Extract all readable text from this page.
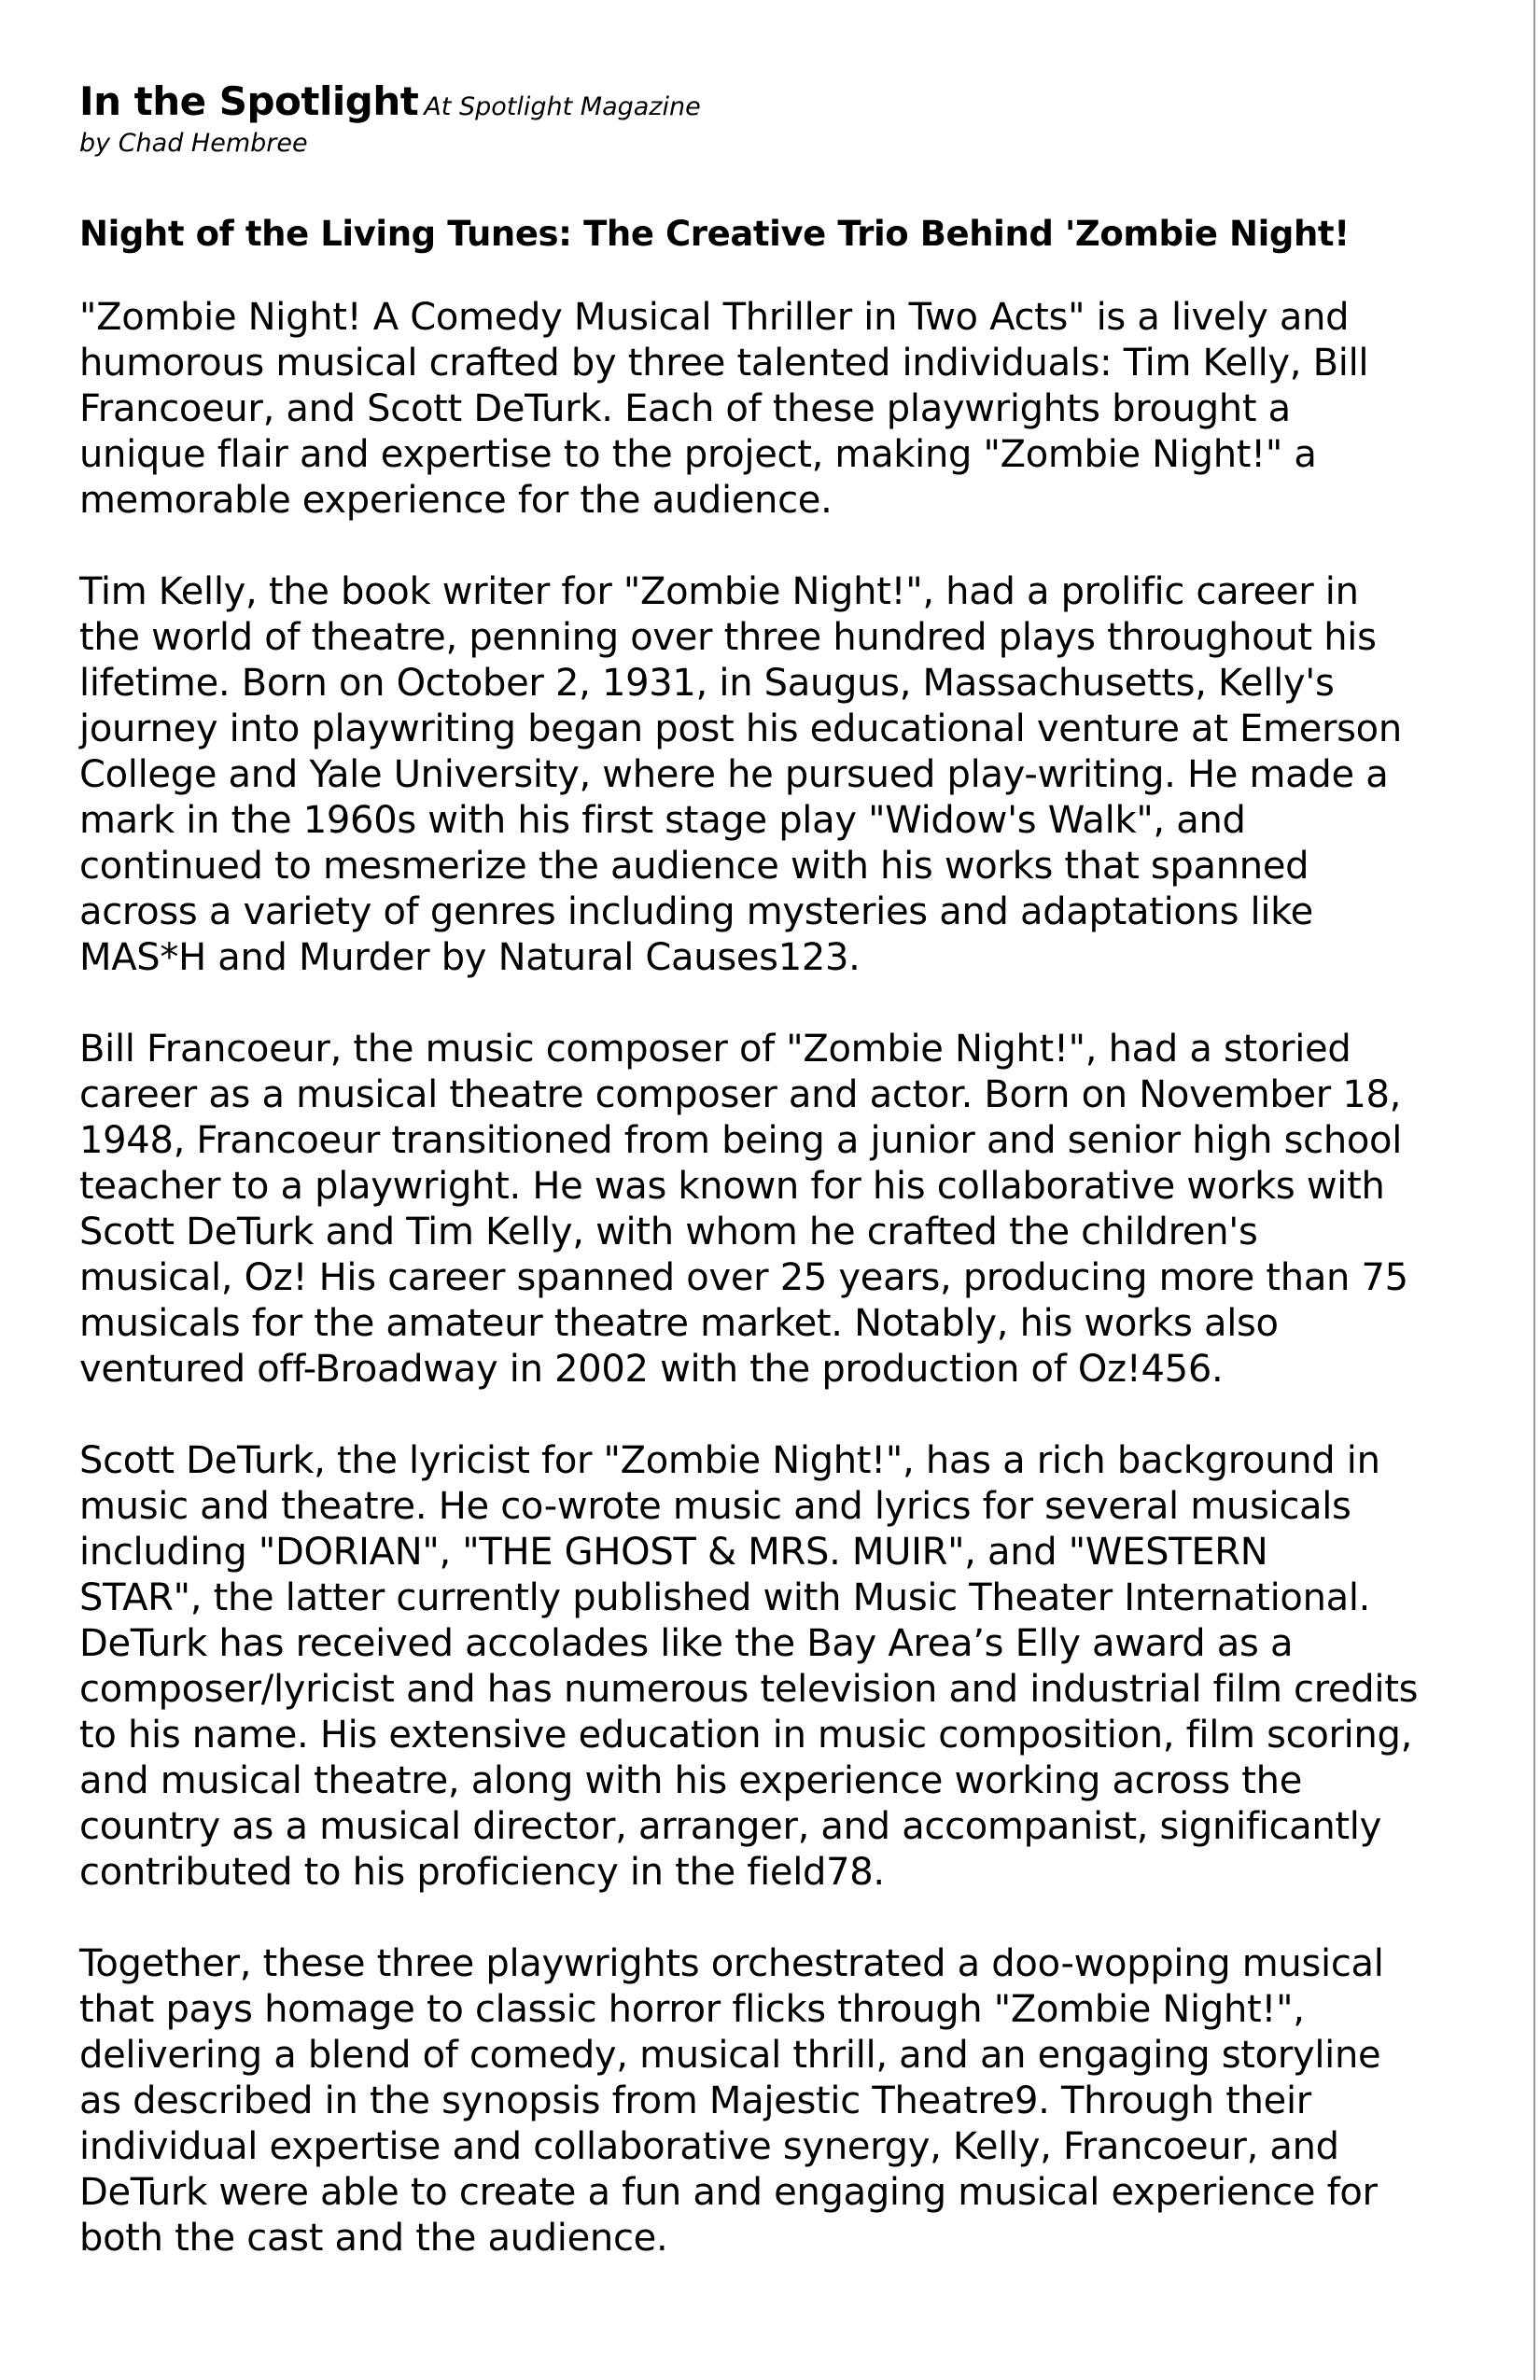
In the Spotlight At Spotlight Magazine
by Chad Hembree
Night of the Living Tunes: The Creative Trio Behind 'Zombie Night!
"Zombie Night! A Comedy Musical Thriller in Two Acts" is a lively and
humorous musical crafted by three talented individuals: Tim Kelly, Bill
Francoeur, and Scott DeTurk. Each of these playwrights brought a
unique flair and expertise to the project, making "Zombie Night!" a
memorable experience for the audience.
Tim Kelly, the book writer for "Zombie Night!", had a prolific career in
the world of theatre, penning over three hundred plays throughout his
lifetime. Born on October 2, 1931, in Saugus, Massachusetts, Kelly's
journey into playwriting began post his educational venture at Emerson
College and Yale University, where he pursued play-writing. He made a
mark in the 1960s with his first stage play "Widow's Walk", and
continued to mesmerize the audience with his works that spanned
across a variety of genres including mysteries and adaptations like
MAS*H and Murder by Natural Causes123.
Bill Francoeur, the music composer of "Zombie Night!", had a storied
career as a musical theatre composer and actor. Born on November 18,
1948, Francoeur transitioned from being a junior and senior high school
teacher to a playwright. He was known for his collaborative works with
Scott DeTurk and Tim Kelly, with whom he crafted the children's
musical, Oz! His career spanned over 25 years, producing more than 75
musicals for the amateur theatre market. Notably, his works also
ventured off-Broadway in 2002 with the production of Oz!456.
Scott DeTurk, the lyricist for "Zombie Night!", has a rich background in
music and theatre. He co-wrote music and lyrics for several musicals
including "DORIAN", "THE GHOST & MRS. MUIR", and "WESTERN
STAR", the latter currently published with Music Theater International.
DeTurk has received accolades like the Bay Area’s Elly award as a
composer/lyricist and has numerous television and industrial film credits
to his name. His extensive education in music composition, film scoring,
and musical theatre, along with his experience working across the
country as a musical director, arranger, and accompanist, significantly
contributed to his proficiency in the field78.
Together, these three playwrights orchestrated a doo-wopping musical
that pays homage to classic horror flicks through "Zombie Night!",
delivering a blend of comedy, musical thrill, and an engaging storyline
as described in the synopsis from Majestic Theatre9. Through their
individual expertise and collaborative synergy, Kelly, Francoeur, and
DeTurk were able to create a fun and engaging musical experience for
both the cast and the audience.
